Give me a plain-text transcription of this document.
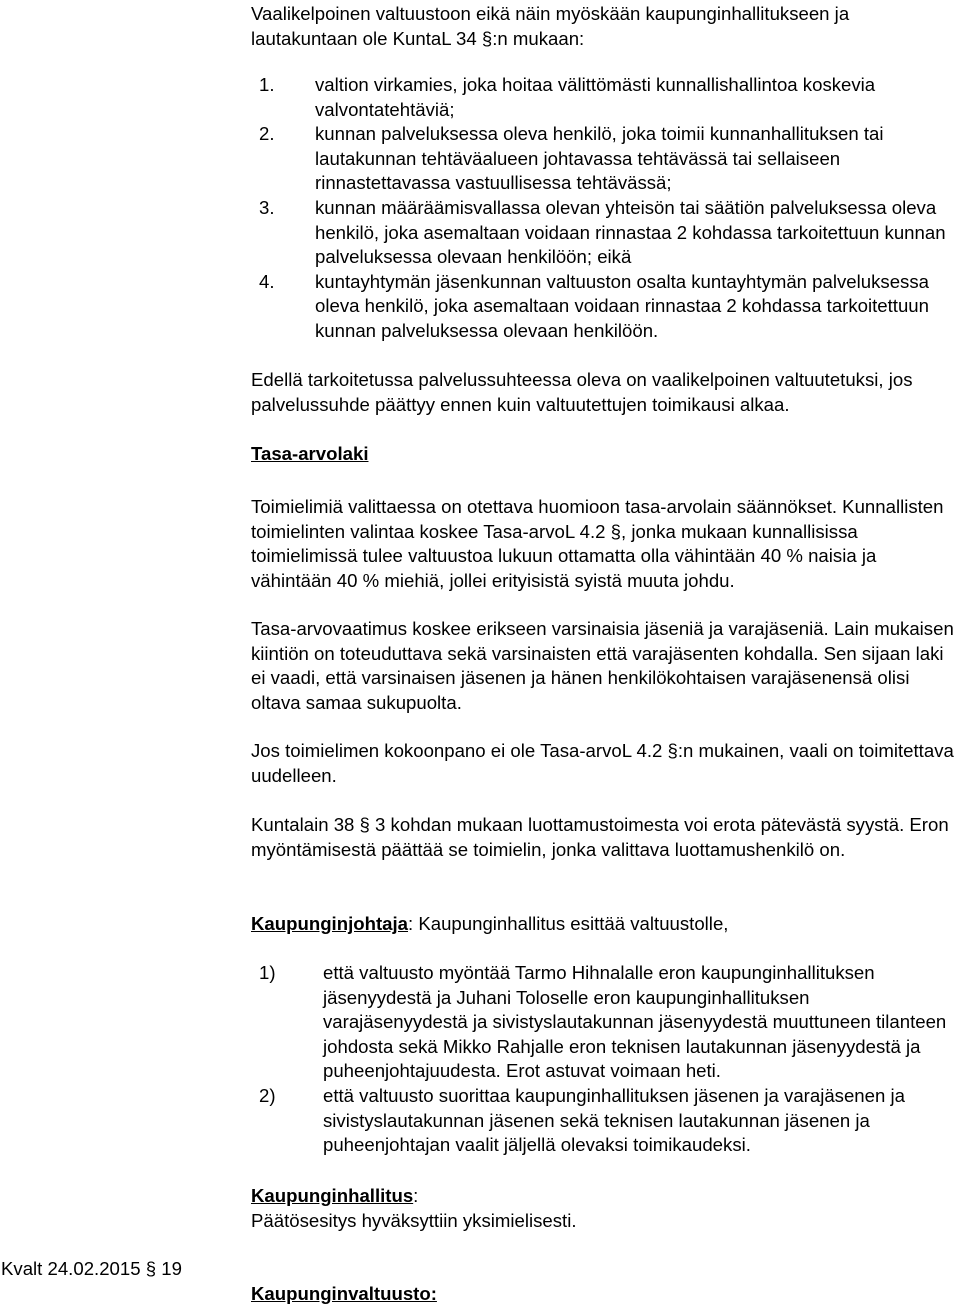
Vaalikelpoinen valtuustoon eikä näin myöskään kaupunginhallitukseen ja lautakuntaan ole KuntaL 34 §:n mukaan:

1. valtion virkamies, joka hoitaa välittömästi kunnallishallintoa koskevia valvontatehtäviä;
2. kunnan palveluksessa oleva henkilö, joka toimii kunnanhallituksen tai lautakunnan tehtäväalueen johtavassa tehtävässä tai sellaiseen rinnastettavassa vastuullisessa tehtävässä;
3. kunnan määräämisvallassa olevan yhteisön tai säätiön palveluksessa oleva henkilö, joka asemaltaan voidaan rinnastaa 2 kohdassa tarkoitettuun kunnan palveluksessa olevaan henkilöön; eikä
4. kuntayhtymän jäsenkunnan valtuuston osalta kuntayhtymän palveluksessa oleva henkilö, joka asemaltaan voidaan rinnastaa 2 kohdassa tarkoitettuun kunnan palveluksessa olevaan henkilöön.

Edellä tarkoitetussa palvelussuhteessa oleva on vaalikelpoinen valtuutetuksi, jos palvelussuhde päättyy ennen kuin valtuutettujen toimikausi alkaa.

Tasa-arvolaki

Toimielimiä valittaessa on otettava huomioon tasa-arvolain säännökset. Kunnallisten toimielinten valintaa koskee Tasa-arvoL 4.2 §, jonka mukaan kunnallisissa toimielimissä tulee valtuustoa lukuun ottamatta olla vähintään 40 % naisia ja vähintään 40 % miehiä, jollei erityisistä syistä muuta johdu.

Tasa-arvovaatimus koskee erikseen varsinaisia jäseniä ja varajäseniä. Lain mukaisen kiintiön on toteuduttava sekä varsinaisten että varajäsenten kohdalla. Sen sijaan laki ei vaadi, että varsinaisen jäsenen ja hänen henkilökohtaisen varajäsenensä olisi oltava samaa sukupuolta.

Jos toimielimen kokoonpano ei ole Tasa-arvoL 4.2 §:n mukainen, vaali on toimitettava uudelleen.

Kuntalain 38 § 3 kohdan mukaan luottamustoimesta voi erota pätevästä syystä. Eron myöntämisestä päättää se toimielin, jonka valittava luottamushenkilö on.

Kaupunginjohtaja: Kaupunginhallitus esittää valtuustolle,

1)	että valtuusto myöntää Tarmo Hihnalalle eron kaupunginhallituksen jäsenyydestä ja Juhani Toloselle eron kaupunginhallituksen varajäsenyydestä ja sivistyslautakunnan jäsenyydestä muuttuneen tilanteen johdosta sekä Mikko Rahjalle eron teknisen lautakunnan jäsenyydestä ja puheenjohtajuudesta. Erot astuvat voimaan heti.
2)	että valtuusto suorittaa kaupunginhallituksen jäsenen ja varajäsenen ja sivistyslautakunnan jäsenen sekä teknisen lautakunnan jäsenen ja puheenjohtajan vaalit jäljellä olevaksi toimikaudeksi.

Kaupunginhallitus:

Päätösesitys hyväksyttiin yksimielisesti.

Kaupunginvaltuusto:

Kvalt 24.02.2015 § 19
